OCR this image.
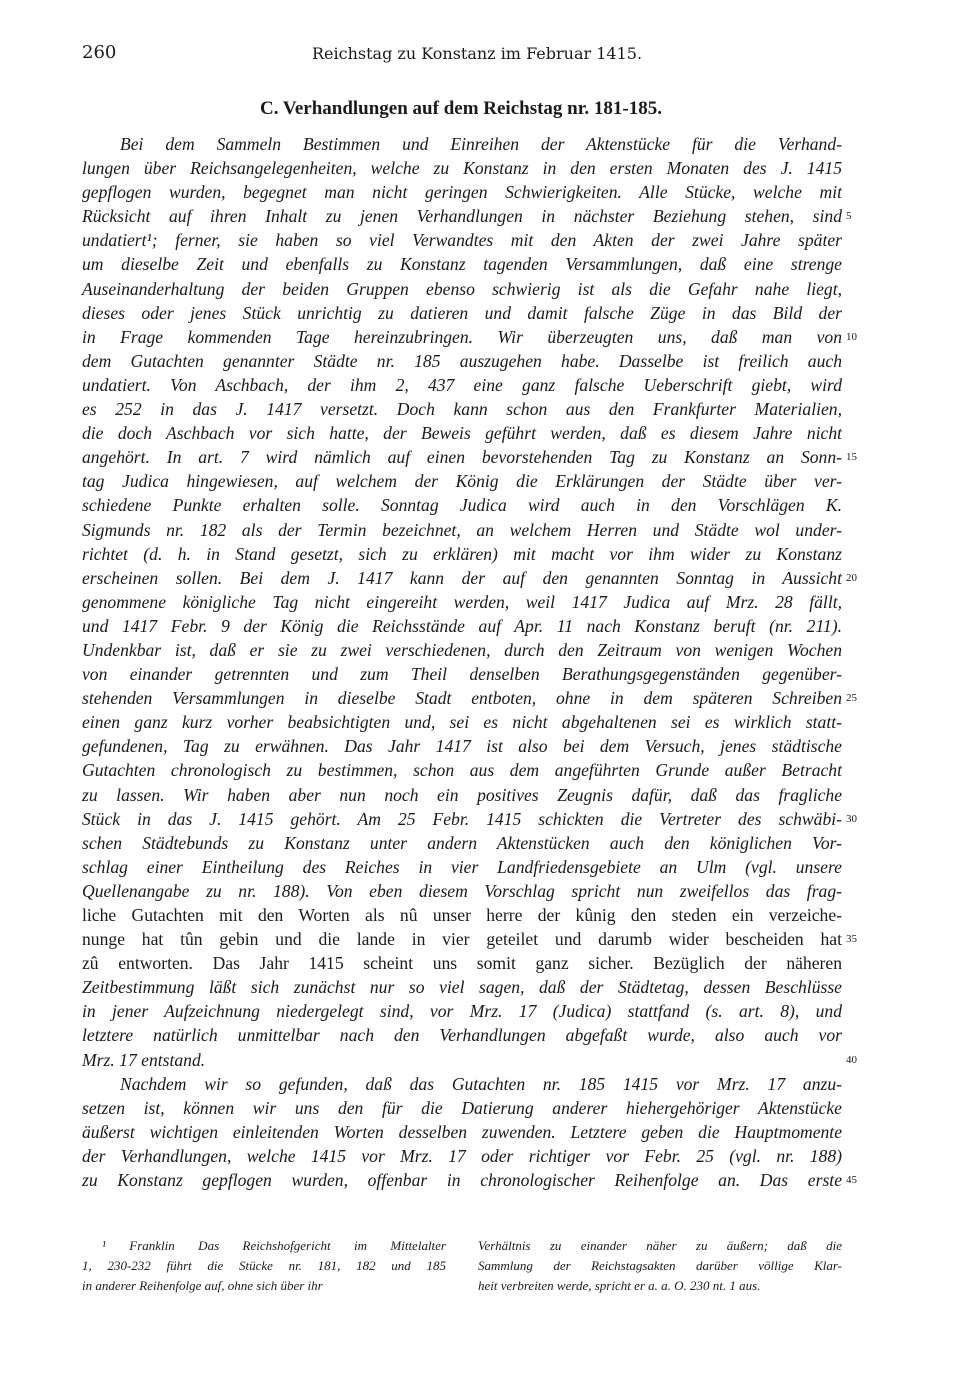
260	Reichstag zu Konstanz im Februar 1415.
C. Verhandlungen auf dem Reichstag nr. 181-185.
Bei dem Sammeln Bestimmen und Einreihen der Aktenstücke für die Verhand-
lungen über Reichsangelegenheiten, welche zu Konstanz in den ersten Monaten des J. 1415
gepflogen wurden, begegnet man nicht geringen Schwierigkeiten. Alle Stücke, welche mit
Rücksicht auf ihren Inhalt zu jenen Verhandlungen in nächster Beziehung stehen, sind
undatiert¹; ferner, sie haben so viel Verwandtes mit den Akten der zwei Jahre später
um dieselbe Zeit und ebenfalls zu Konstanz tagenden Versammlungen, daß eine strenge
Auseinanderhaltung der beiden Gruppen ebenso schwierig ist als die Gefahr nahe liegt,
dieses oder jenes Stück unrichtig zu datieren und damit falsche Züge in das Bild der
in Frage kommenden Tage hereinzubringen. Wir überzeugten uns, daß man von
dem Gutachten genannter Städte nr. 185 auszugehen habe. Dasselbe ist freilich auch
undatiert. Von Aschbach, der ihm 2, 437 eine ganz falsche Ueberschrift giebt, wird
es 252 in das J. 1417 versetzt. Doch kann schon aus den Frankfurter Materialien,
die doch Aschbach vor sich hatte, der Beweis geführt werden, daß es diesem Jahre nicht
angehört. In art. 7 wird nämlich auf einen bevorstehenden Tag zu Konstanz an Sonn-
tag Judica hingewiesen, auf welchem der König die Erklärungen der Städte über ver-
schiedene Punkte erhalten solle. Sonntag Judica wird auch in den Vorschlägen K.
Sigmunds nr. 182 als der Termin bezeichnet, an welchem Herren und Städte wol under-
richtet (d. h. in Stand gesetzt, sich zu erklären) mit macht vor ihm wider zu Konstanz
erscheinen sollen. Bei dem J. 1417 kann der auf den genannten Sonntag in Aussicht
genommene königliche Tag nicht eingereiht werden, weil 1417 Judica auf Mrz. 28 fällt,
und 1417 Febr. 9 der König die Reichsstände auf Apr. 11 nach Konstanz beruft (nr. 211).
Undenkbar ist, daß er sie zu zwei verschiedenen, durch den Zeitraum von wenigen Wochen
von einander getrennten und zum Theil denselben Berathungsgegenständen gegenüber-
stehenden Versammlungen in dieselbe Stadt entboten, ohne in dem späteren Schreiben
einen ganz kurz vorher beabsichtigten und, sei es nicht abgehaltenen sei es wirklich statt-
gefundenen, Tag zu erwähnen. Das Jahr 1417 ist also bei dem Versuch, jenes städtische
Gutachten chronologisch zu bestimmen, schon aus dem angeführten Grunde außer Betracht
zu lassen. Wir haben aber nun noch ein positives Zeugnis dafür, daß das fragliche
Stück in das J. 1415 gehört. Am 25 Febr. 1415 schickten die Vertreter des schwäbi-
schen Städtebunds zu Konstanz unter andern Aktenstücken auch den königlichen Vor-
schlag einer Eintheilung des Reiches in vier Landfriedensgebiete an Ulm (vgl. unsere
Quellenangabe zu nr. 188). Von eben diesem Vorschlag spricht nun zweifellos das frag-
liche Gutachten mit den Worten als nû unser herre der kûnig den steden ein verzeiche-
nunge hat tûn gebin und die lande in vier geteilet und darumb wider bescheiden hat
zû entworten. Das Jahr 1415 scheint uns somit ganz sicher. Bezüglich der näheren
Zeitbestimmung läßt sich zunächst nur so viel sagen, daß der Städtetag, dessen Beschlüsse
in jener Aufzeichnung niedergelegt sind, vor Mrz. 17 (Judica) stattfand (s. art. 8), und
letztere natürlich unmittelbar nach den Verhandlungen abgefaßt wurde, also auch vor
Mrz. 17 entstand.
Nachdem wir so gefunden, daß das Gutachten nr. 185 1415 vor Mrz. 17 anzu-
setzen ist, können wir uns den für die Datierung anderer hiehergehöriger Aktenstücke
äußerst wichtigen einleitenden Worten desselben zuwenden. Letztere geben die Hauptmomente
der Verhandlungen, welche 1415 vor Mrz. 17 oder richtiger vor Febr. 25 (vgl. nr. 188)
zu Konstanz gepflogen wurden, offenbar in chronologischer Reihenfolge an. Das erste
5
10
15
20
25
30
35
40
45
¹ Franklin Das Reichshofgericht im Mittelalter
1, 230-232 führt die Stücke nr. 181, 182 und 185
in anderer Reihenfolge auf, ohne sich über ihr
Verhältnis zu einander näher zu äußern; daß die
Sammlung der Reichstagsakten darüber völlige Klar-
heit verbreiten werde, spricht er a. a. O. 230 nt. 1 aus.
